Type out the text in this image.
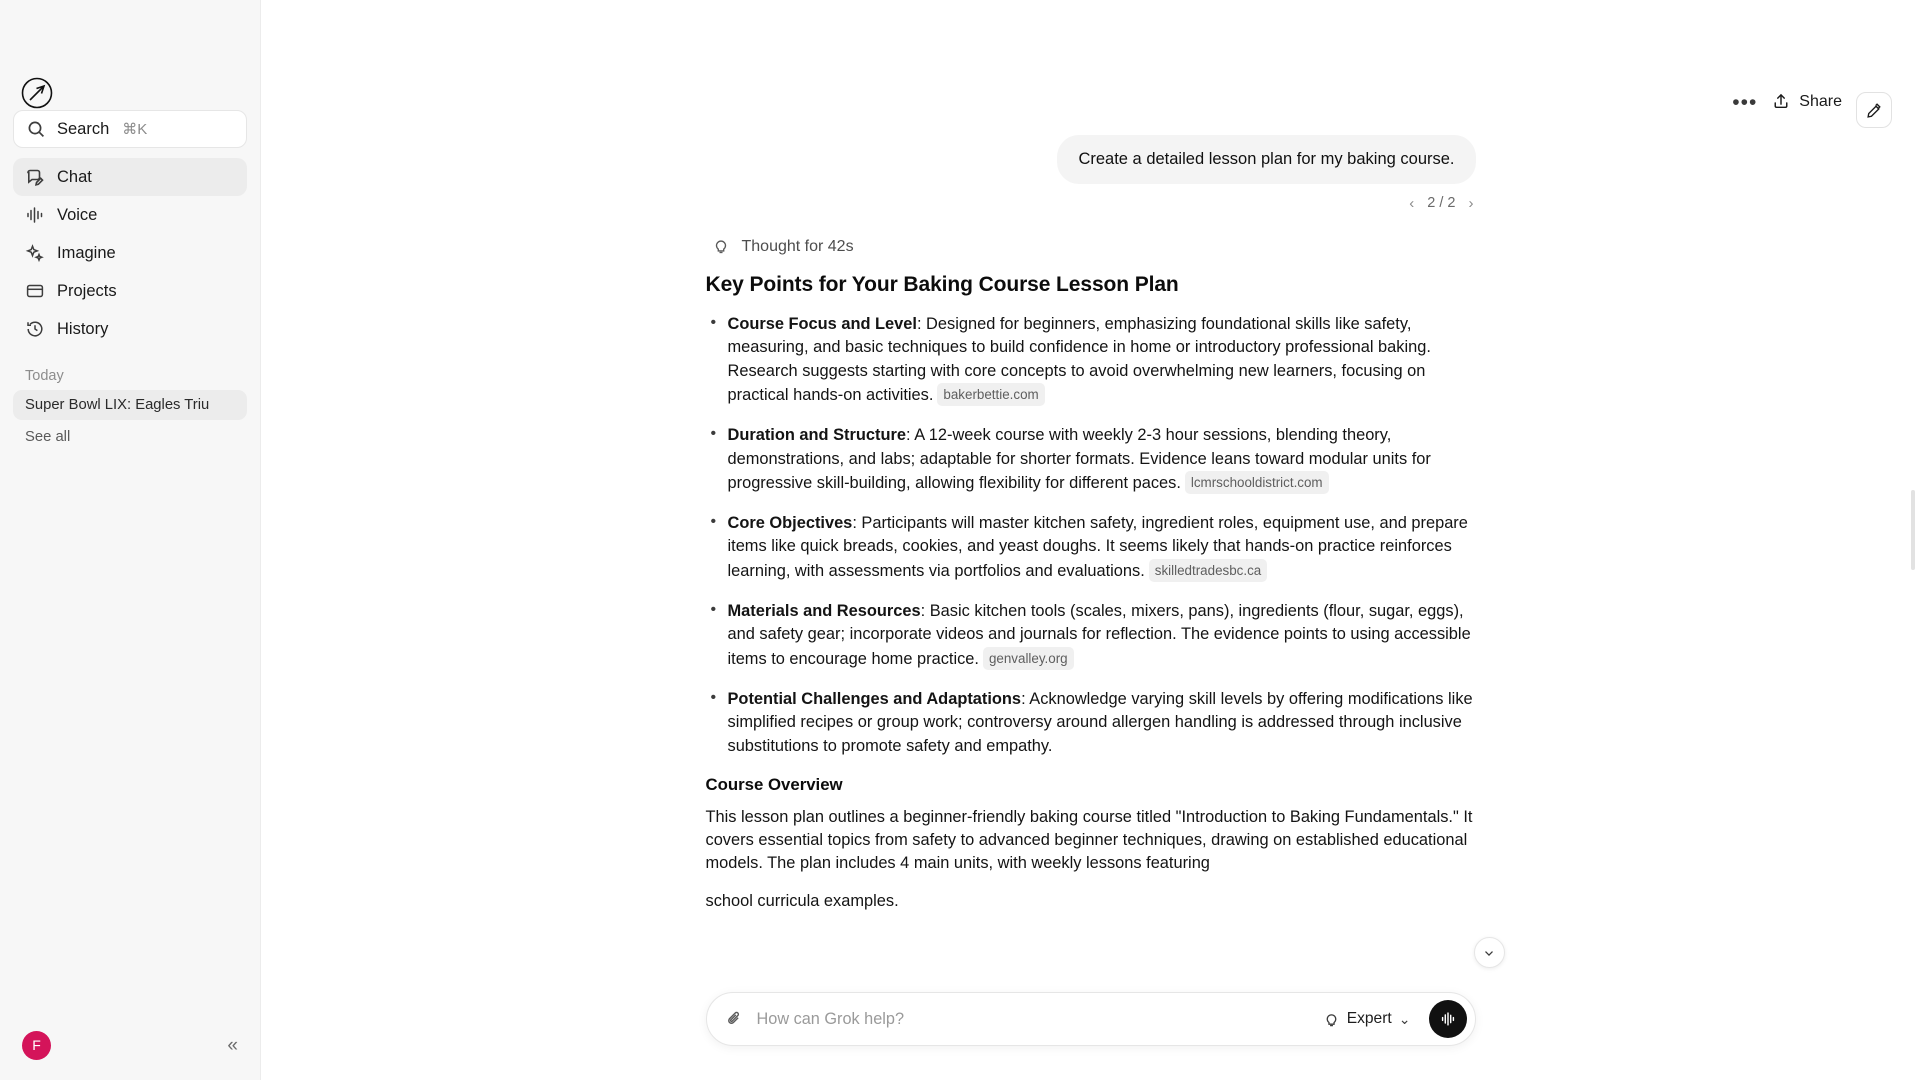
Search ⌘K
Chat
Voice
Imagine
Projects
History
Today
Super Bowl LIX: Eagles Triu
See all
F	«
•••	Share
Create a detailed lesson plan for my baking course.
‹ 2 / 2 ›
Thought for 42s
Key Points for Your Baking Course Lesson Plan
• Course Focus and Level: Designed for beginners, emphasizing foundational skills like safety, measuring, and basic techniques to build confidence in home or introductory professional baking. Research suggests starting with core concepts to avoid overwhelming new learners, focusing on practical hands-on activities. bakerbettie.com
• Duration and Structure: A 12-week course with weekly 2-3 hour sessions, blending theory, demonstrations, and labs; adaptable for shorter formats. Evidence leans toward modular units for progressive skill-building, allowing flexibility for different paces. lcmrschooldistrict.com
• Core Objectives: Participants will master kitchen safety, ingredient roles, equipment use, and prepare items like quick breads, cookies, and yeast doughs. It seems likely that hands-on practice reinforces learning, with assessments via portfolios and evaluations. skilledtradesbc.ca
• Materials and Resources: Basic kitchen tools (scales, mixers, pans), ingredients (flour, sugar, eggs), and safety gear; incorporate videos and journals for reflection. The evidence points to using accessible items to encourage home practice. genvalley.org
• Potential Challenges and Adaptations: Acknowledge varying skill levels by offering modifications like simplified recipes or group work; controversy around allergen handling is addressed through inclusive substitutions to promote safety and empathy.
Course Overview

This lesson plan outlines a beginner-friendly baking course titled "Introduction to Baking Fundamentals." It covers essential topics from safety to advanced beginner techniques, drawing on established educational models. The plan includes 4 main units, with weekly lessons featuring

school curricula examples.

How can Grok help?	Expert ⌄
